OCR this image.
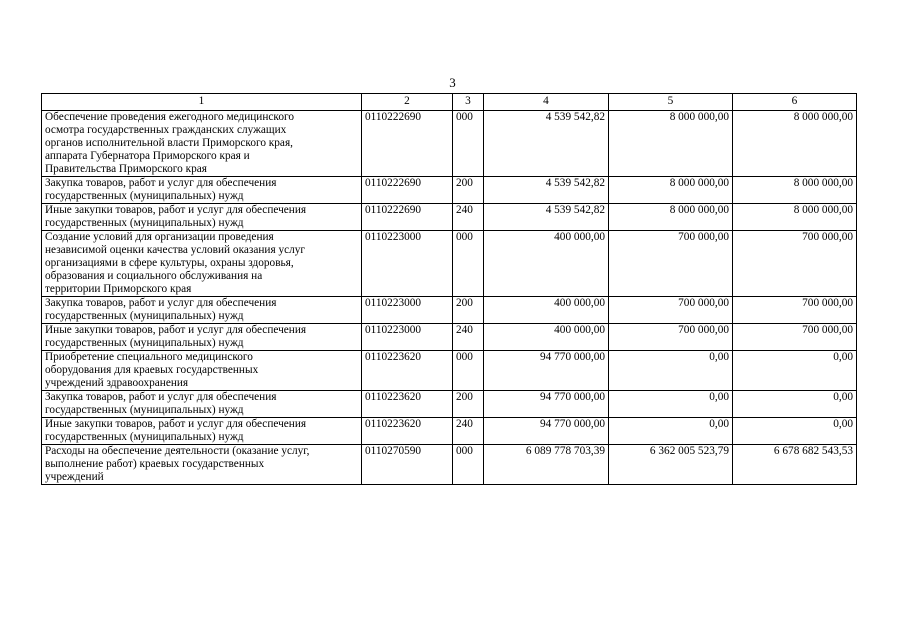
3
1	2	3	4	5	6

Обеспечение проведения ежегодного медицинского
осмотра государственных гражданских служащих
органов исполнительной власти Приморского края,
аппарата Губернатора Приморского края и
Правительства Приморского края	0110222690	000	4 539 542,82	8 000 000,00	8 000 000,00

Закупка товаров, работ и услуг для обеспечения
государственных (муниципальных) нужд	0110222690	200	4 539 542,82	8 000 000,00	8 000 000,00

Иные закупки товаров, работ и услуг для обеспечения
государственных (муниципальных) нужд	0110222690	240	4 539 542,82	8 000 000,00	8 000 000,00

Создание условий для организации проведения
независимой оценки качества условий оказания услуг
организациями в сфере культуры, охраны здоровья,
образования и социального обслуживания на
территории Приморского края	0110223000	000	400 000,00	700 000,00	700 000,00

Закупка товаров, работ и услуг для обеспечения
государственных (муниципальных) нужд	0110223000	200	400 000,00	700 000,00	700 000,00

Иные закупки товаров, работ и услуг для обеспечения
государственных (муниципальных) нужд	0110223000	240	400 000,00	700 000,00	700 000,00

Приобретение специального медицинского
оборудования для краевых государственных
учреждений здравоохранения	0110223620	000	94 770 000,00	0,00	0,00

Закупка товаров, работ и услуг для обеспечения
государственных (муниципальных) нужд	0110223620	200	94 770 000,00	0,00	0,00

Иные закупки товаров, работ и услуг для обеспечения
государственных (муниципальных) нужд	0110223620	240	94 770 000,00	0,00	0,00

Расходы на обеспечение деятельности (оказание услуг,
выполнение работ) краевых государственных
учреждений	0110270590	000	6 089 778 703,39	6 362 005 523,79	6 678 682 543,53
